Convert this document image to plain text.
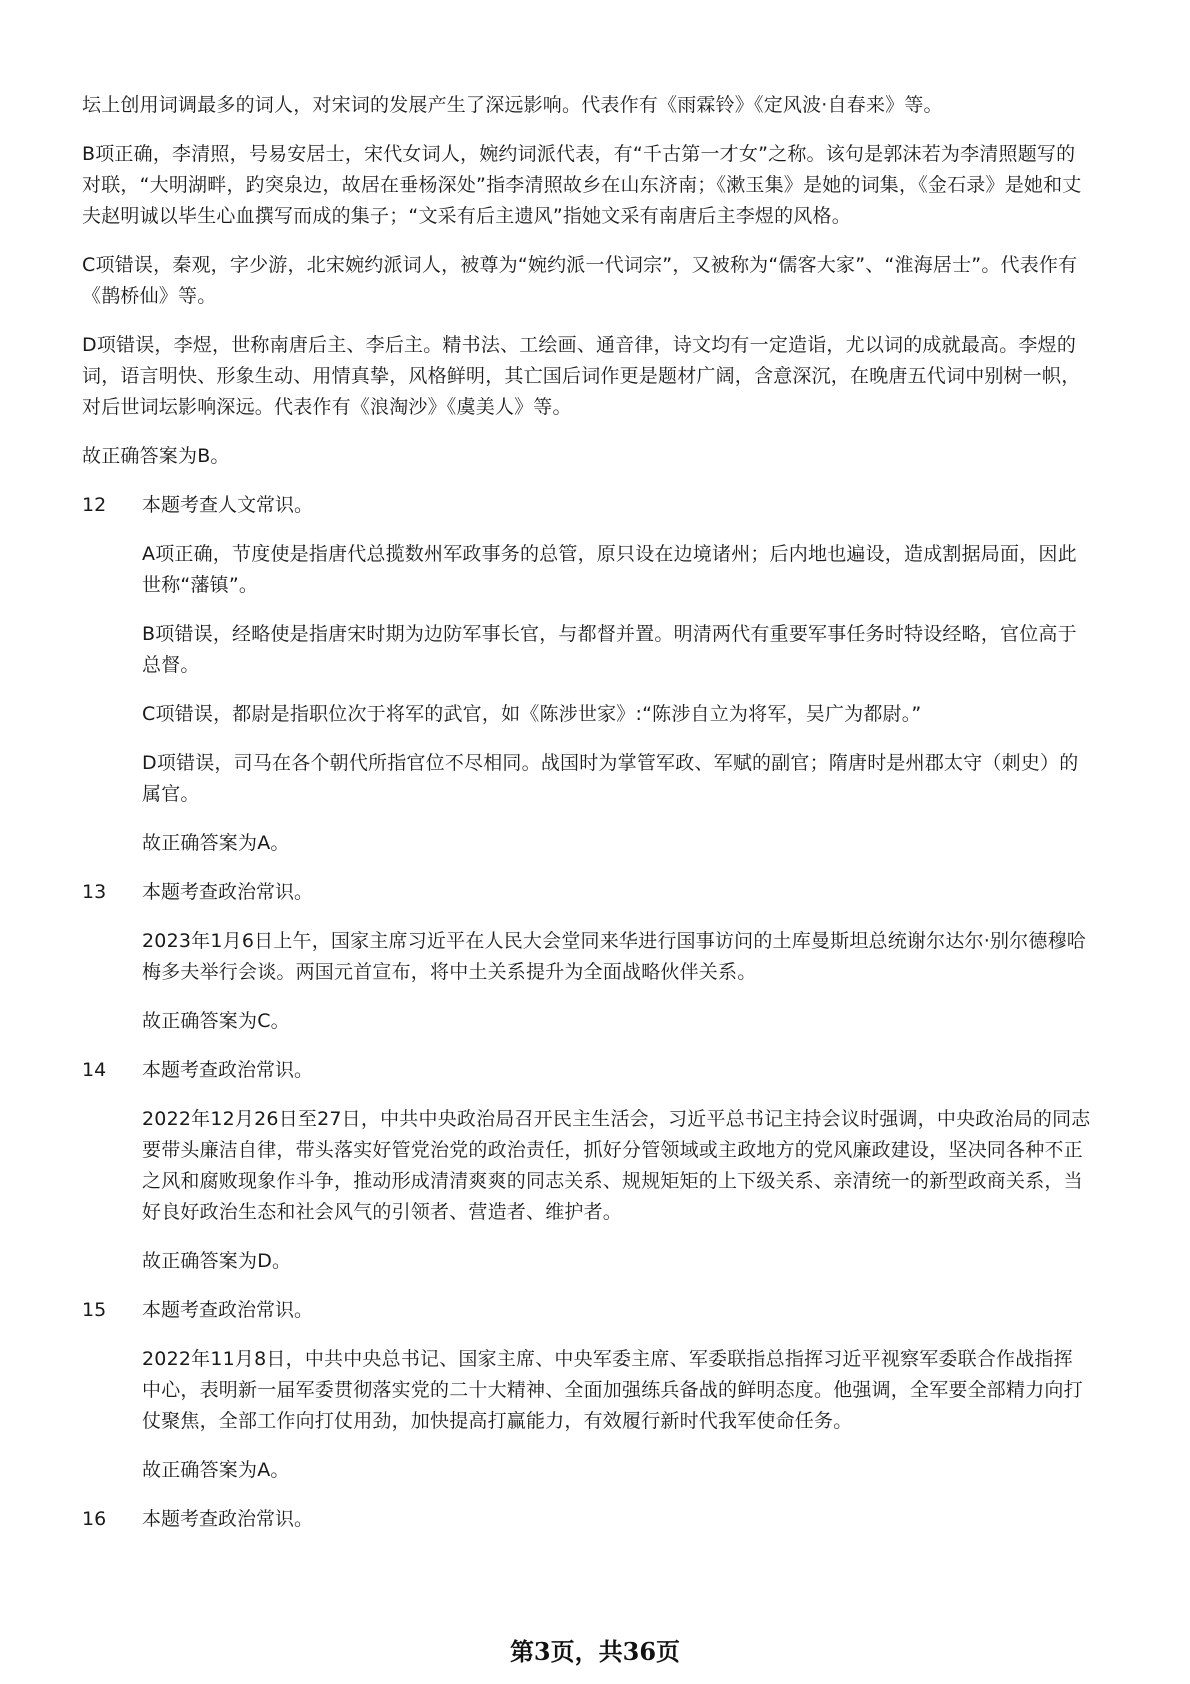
坛上创用词调最多的词人，对宋词的发展产生了深远影响。代表作有《雨霖铃》《定风波·自春来》等。

B项正确，李清照，号易安居士，宋代女词人，婉约词派代表，有“千古第一才女”之称。该句是郭沫若为李清照题写的对联，“大明湖畔，趵突泉边，故居在垂杨深处”指李清照故乡在山东济南；《漱玉集》是她的词集，《金石录》是她和丈夫赵明诚以毕生心血撰写而成的集子；“文采有后主遗风”指她文采有南唐后主李煜的风格。

C项错误，秦观，字少游，北宋婉约派词人，被尊为“婉约派一代词宗”，又被称为“儒客大家”、“淮海居士”。代表作有《鹊桥仙》等。

D项错误，李煜，世称南唐后主、李后主。精书法、工绘画、通音律，诗文均有一定造诣，尤以词的成就最高。李煜的词，语言明快、形象生动、用情真挚，风格鲜明，其亡国后词作更是题材广阔，含意深沉，在晚唐五代词中别树一帜，对后世词坛影响深远。代表作有《浪淘沙》《虞美人》等。

故正确答案为B。

12	本题考查人文常识。

A项正确，节度使是指唐代总揽数州军政事务的总管，原只设在边境诸州；后内地也遍设，造成割据局面，因此世称“藩镇”。

B项错误，经略使是指唐宋时期为边防军事长官，与都督并置。明清两代有重要军事任务时特设经略，官位高于总督。

C项错误，都尉是指职位次于将军的武官，如《陈涉世家》:“陈涉自立为将军，吴广为都尉。”

D项错误，司马在各个朝代所指官位不尽相同。战国时为掌管军政、军赋的副官；隋唐时是州郡太守（刺史）的属官。

故正确答案为A。

13	本题考查政治常识。

2023年1月6日上午，国家主席习近平在人民大会堂同来华进行国事访问的土库曼斯坦总统谢尔达尔·别尔德穆哈梅多夫举行会谈。两国元首宣布，将中土关系提升为全面战略伙伴关系。

故正确答案为C。

14	本题考查政治常识。

2022年12月26日至27日，中共中央政治局召开民主生活会，习近平总书记主持会议时强调，中央政治局的同志要带头廉洁自律，带头落实好管党治党的政治责任，抓好分管领域或主政地方的党风廉政建设，坚决同各种不正之风和腐败现象作斗争，推动形成清清爽爽的同志关系、规规矩矩的上下级关系、亲清统一的新型政商关系，当好良好政治生态和社会风气的引领者、营造者、维护者。

故正确答案为D。

15	本题考查政治常识。

2022年11月8日，中共中央总书记、国家主席、中央军委主席、军委联指总指挥习近平视察军委联合作战指挥中心，表明新一届军委贯彻落实党的二十大精神、全面加强练兵备战的鲜明态度。他强调，全军要全部精力向打仗聚焦，全部工作向打仗用劲，加快提高打赢能力，有效履行新时代我军使命任务。

故正确答案为A。

16	本题考查政治常识。
第3页，共36页
